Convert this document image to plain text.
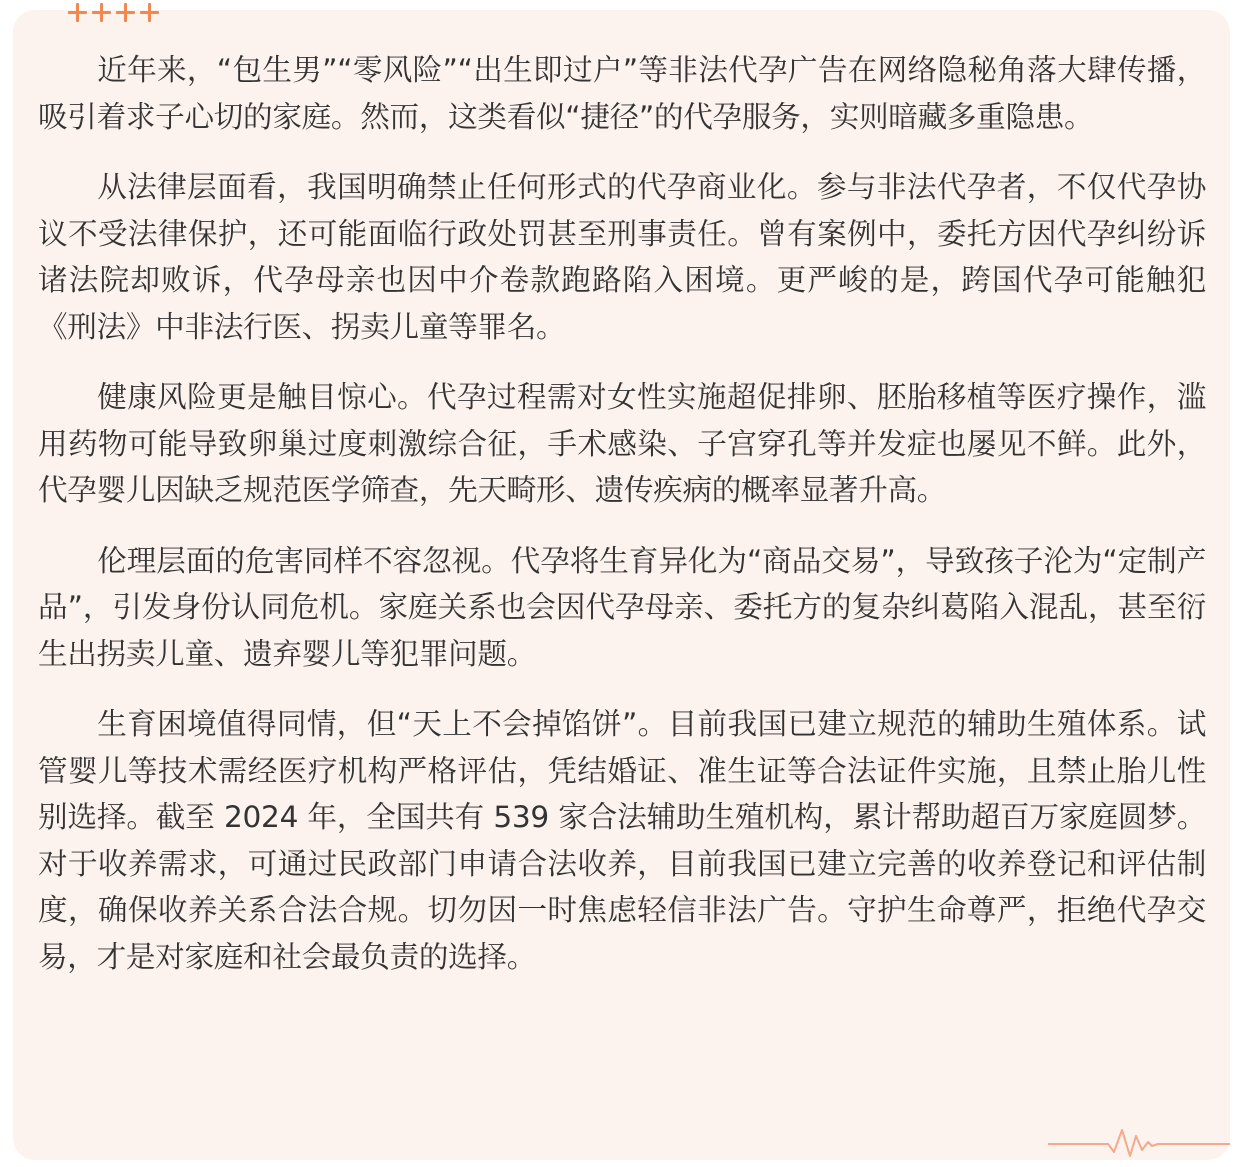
近年来，“包生男”“零风险”“出生即过户”等非法代孕广告在网络隐秘角落大肆传播，吸引着求子心切的家庭。然而，这类看似“捷径”的代孕服务，实则暗藏多重隐患。

从法律层面看，我国明确禁止任何形式的代孕商业化。参与非法代孕者，不仅代孕协议不受法律保护，还可能面临行政处罚甚至刑事责任。曾有案例中，委托方因代孕纠纷诉诸法院却败诉，代孕母亲也因中介卷款跑路陷入困境。更严峻的是，跨国代孕可能触犯《刑法》中非法行医、拐卖儿童等罪名。

健康风险更是触目惊心。代孕过程需对女性实施超促排卵、胚胎移植等医疗操作，滥用药物可能导致卵巢过度刺激综合征，手术感染、子宫穿孔等并发症也屡见不鲜。此外，代孕婴儿因缺乏规范医学筛查，先天畸形、遗传疾病的概率显著升高。

伦理层面的危害同样不容忽视。代孕将生育异化为“商品交易”，导致孩子沦为“定制产品”，引发身份认同危机。家庭关系也会因代孕母亲、委托方的复杂纠葛陷入混乱，甚至衍生出拐卖儿童、遗弃婴儿等犯罪问题。

生育困境值得同情，但“天上不会掉馅饼”。目前我国已建立规范的辅助生殖体系。试管婴儿等技术需经医疗机构严格评估，凭结婚证、准生证等合法证件实施，且禁止胎儿性别选择。截至 2024 年，全国共有 539 家合法辅助生殖机构，累计帮助超百万家庭圆梦。对于收养需求，可通过民政部门申请合法收养，目前我国已建立完善的收养登记和评估制度，确保收养关系合法合规。切勿因一时焦虑轻信非法广告。守护生命尊严，拒绝代孕交易，才是对家庭和社会最负责的选择。
